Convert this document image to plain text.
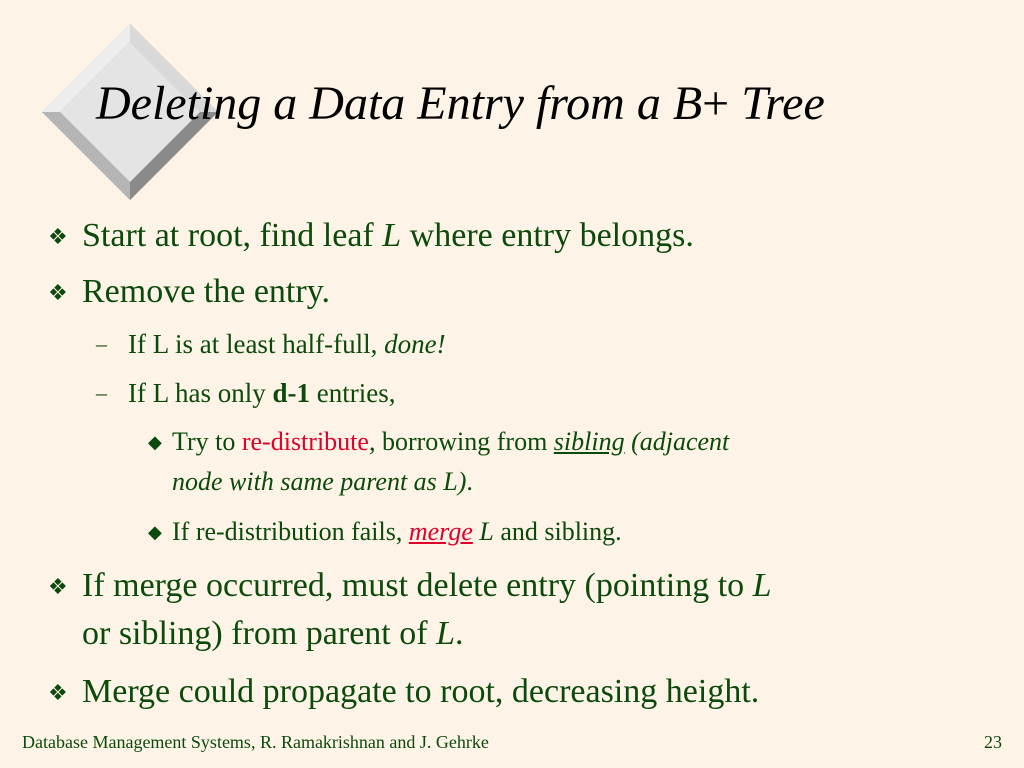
Deleting a Data Entry from a B+ Tree
❖ Start at root, find leaf L where entry belongs.
❖ Remove the entry.
– If L is at least half-full, done!
– If L has only d-1 entries,
◆ Try to re-distribute, borrowing from sibling (adjacent
node with same parent as L).
◆ If re-distribution fails, merge L and sibling.
❖ If merge occurred, must delete entry (pointing to L
or sibling) from parent of L.
❖ Merge could propagate to root, decreasing height.
Database Management Systems, R. Ramakrishnan and J. Gehrke	23
